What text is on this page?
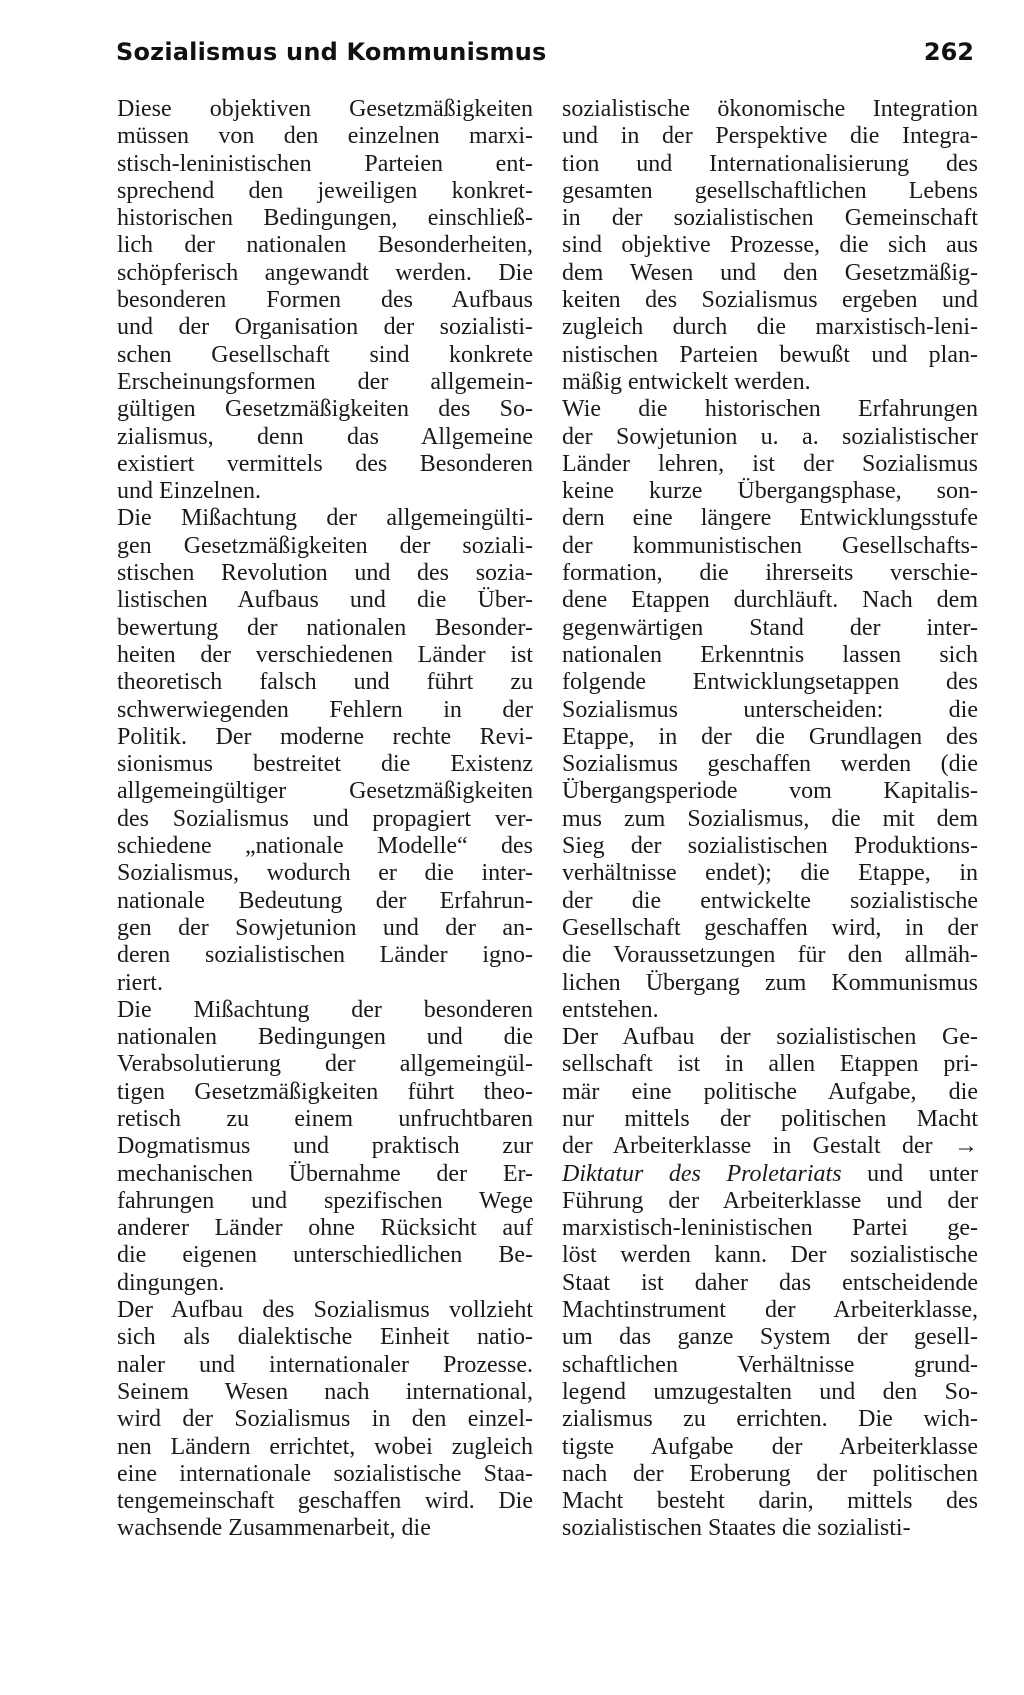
Sozialismus und Kommunismus	262

Diese objektiven Gesetzmäßigkeiten
müssen von den einzelnen marxi-
stisch-leninistischen Parteien ent-
sprechend den jeweiligen konkret-
historischen Bedingungen, einschließ-
lich der nationalen Besonderheiten,
schöpferisch angewandt werden. Die
besonderen Formen des Aufbaus
und der Organisation der sozialisti-
schen Gesellschaft sind konkrete
Erscheinungsformen der allgemein-
gültigen Gesetzmäßigkeiten des So-
zialismus, denn das Allgemeine
existiert vermittels des Besonderen
und Einzelnen.

Die Mißachtung der allgemeingülti-
gen Gesetzmäßigkeiten der soziali-
stischen Revolution und des sozia-
listischen Aufbaus und die Über-
bewertung der nationalen Besonder-
heiten der verschiedenen Länder ist
theoretisch falsch und führt zu
schwerwiegenden Fehlern in der
Politik. Der moderne rechte Revi-
sionismus bestreitet die Existenz
allgemeingültiger Gesetzmäßigkeiten
des Sozialismus und propagiert ver-
schiedene „nationale Modelle“ des
Sozialismus, wodurch er die inter-
nationale Bedeutung der Erfahrun-
gen der Sowjetunion und der an-
deren sozialistischen Länder igno-
riert.

Die Mißachtung der besonderen
nationalen Bedingungen und die
Verabsolutierung der allgemeingül-
tigen Gesetzmäßigkeiten führt theo-
retisch zu einem unfruchtbaren
Dogmatismus und praktisch zur
mechanischen Übernahme der Er-
fahrungen und spezifischen Wege
anderer Länder ohne Rücksicht auf
die eigenen unterschiedlichen Be-
dingungen.

Der Aufbau des Sozialismus vollzieht
sich als dialektische Einheit natio-
naler und internationaler Prozesse.
Seinem Wesen nach international,
wird der Sozialismus in den einzel-
nen Ländern errichtet, wobei zugleich
eine internationale sozialistische Staa-
tengemeinschaft geschaffen wird. Die
wachsende Zusammenarbeit, die

sozialistische ökonomische Integration
und in der Perspektive die Integra-
tion und Internationalisierung des
gesamten gesellschaftlichen Lebens
in der sozialistischen Gemeinschaft
sind objektive Prozesse, die sich aus
dem Wesen und den Gesetzmäßig-
keiten des Sozialismus ergeben und
zugleich durch die marxistisch-leni-
nistischen Parteien bewußt und plan-
mäßig entwickelt werden.

Wie die historischen Erfahrungen
der Sowjetunion u. a. sozialistischer
Länder lehren, ist der Sozialismus
keine kurze Übergangsphase, son-
dern eine längere Entwicklungsstufe
der kommunistischen Gesellschafts-
formation, die ihrerseits verschie-
dene Etappen durchläuft. Nach dem
gegenwärtigen Stand der inter-
nationalen Erkenntnis lassen sich
folgende Entwicklungsetappen des
Sozialismus unterscheiden: die
Etappe, in der die Grundlagen des
Sozialismus geschaffen werden (die
Übergangsperiode vom Kapitalis-
mus zum Sozialismus, die mit dem
Sieg der sozialistischen Produktions-
verhältnisse endet); die Etappe, in
der die entwickelte sozialistische
Gesellschaft geschaffen wird, in der
die Voraussetzungen für den allmäh-
lichen Übergang zum Kommunismus
entstehen.

Der Aufbau der sozialistischen Ge-
sellschaft ist in allen Etappen pri-
mär eine politische Aufgabe, die
nur mittels der politischen Macht
der Arbeiterklasse in Gestalt der →
Diktatur des Proletariats und unter
Führung der Arbeiterklasse und der
marxistisch-leninistischen Partei ge-
löst werden kann. Der sozialistische
Staat ist daher das entscheidende
Machtinstrument der Arbeiterklasse,
um das ganze System der gesell-
schaftlichen Verhältnisse grund-
legend umzugestalten und den So-
zialismus zu errichten. Die wich-
tigste Aufgabe der Arbeiterklasse
nach der Eroberung der politischen
Macht besteht darin, mittels des
sozialistischen Staates die sozialisti-
